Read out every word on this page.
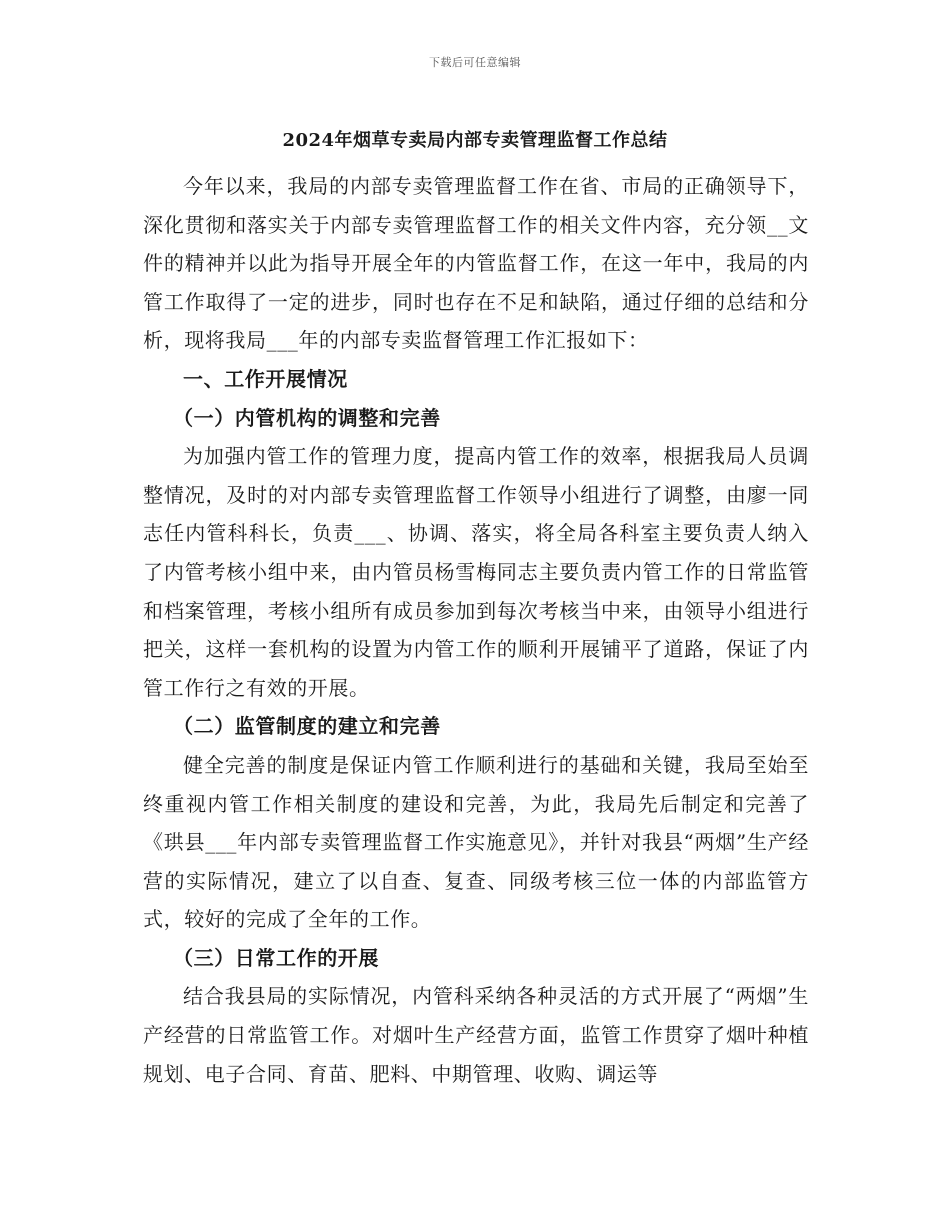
下载后可任意编辑
2024年烟草专卖局内部专卖管理监督工作总结

今年以来，我局的内部专卖管理监督工作在省、市局的正确领导下，深化贯彻和落实关于内部专卖管理监督工作的相关文件内容，充分领__文件的精神并以此为指导开展全年的内管监督工作，在这一年中，我局的内管工作取得了一定的进步，同时也存在不足和缺陷，通过仔细的总结和分析，现将我局___年的内部专卖监督管理工作汇报如下：

一、工作开展情况

（一）内管机构的调整和完善

为加强内管工作的管理力度，提高内管工作的效率，根据我局人员调整情况，及时的对内部专卖管理监督工作领导小组进行了调整，由廖一同志任内管科科长，负责___、协调、落实，将全局各科室主要负责人纳入了内管考核小组中来，由内管员杨雪梅同志主要负责内管工作的日常监管和档案管理，考核小组所有成员参加到每次考核当中来，由领导小组进行把关，这样一套机构的设置为内管工作的顺利开展铺平了道路，保证了内管工作行之有效的开展。

（二）监管制度的建立和完善

健全完善的制度是保证内管工作顺利进行的基础和关键，我局至始至终重视内管工作相关制度的建设和完善，为此，我局先后制定和完善了《珙县___年内部专卖管理监督工作实施意见》，并针对我县“两烟”生产经营的实际情况，建立了以自查、复查、同级考核三位一体的内部监管方式，较好的完成了全年的工作。

（三）日常工作的开展

结合我县局的实际情况，内管科采纳各种灵活的方式开展了“两烟”生产经营的日常监管工作。对烟叶生产经营方面，监管工作贯穿了烟叶种植规划、电子合同、育苗、肥料、中期管理、收购、调运等
